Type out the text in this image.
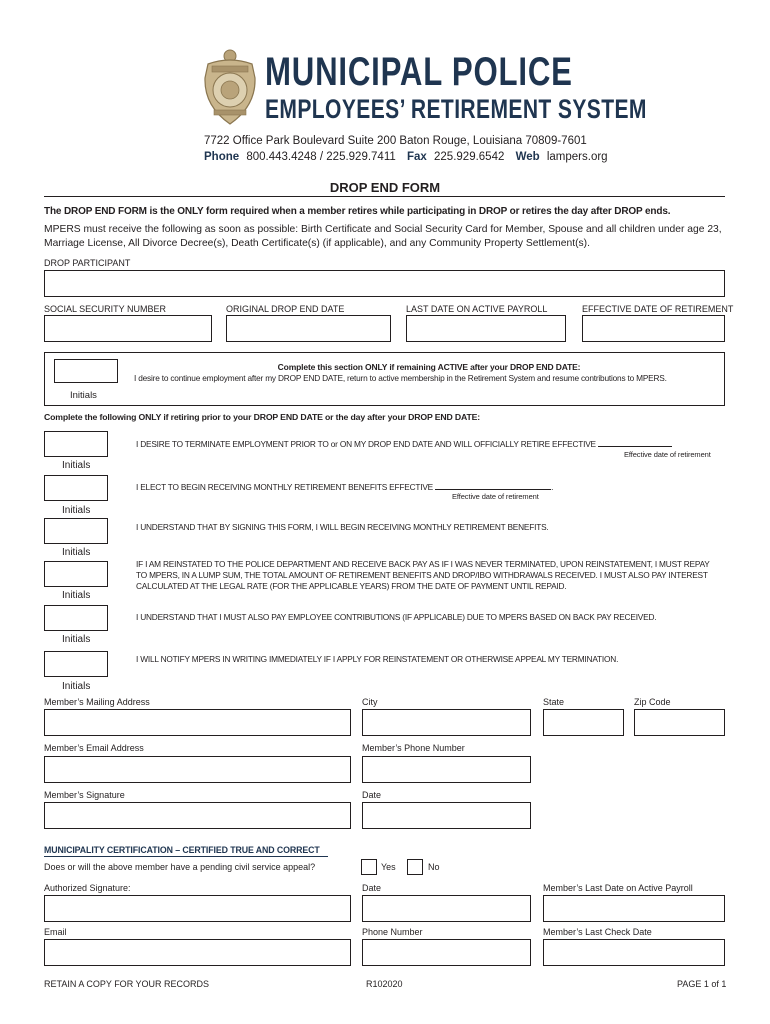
MUNICIPAL POLICE
EMPLOYEES’ RETIREMENT SYSTEM
7722 Office Park Boulevard Suite 200 Baton Rouge, Louisiana 70809-7601
Phone 800.443.4248 / 225.929.7411 Fax 225.929.6542 Web lampers.org
DROP END FORM
The DROP END FORM is the ONLY form required when a member retires while participating in DROP or retires the day after DROP ends.
MPERS must receive the following as soon as possible: Birth Certificate and Social Security Card for Member, Spouse and all children under age 23, Marriage License, All Divorce Decree(s), Death Certificate(s) (if applicable), and any Community Property Settlement(s).
DROP PARTICIPANT
SOCIAL SECURITY NUMBER	ORIGINAL DROP END DATE	LAST DATE ON ACTIVE PAYROLL	EFFECTIVE DATE OF RETIREMENT
Initials
Complete this section ONLY if remaining ACTIVE after your DROP END DATE:
I desire to continue employment after my DROP END DATE, return to active membership in the Retirement System and resume contributions to MPERS.
Complete the following ONLY if retiring prior to your DROP END DATE or the day after your DROP END DATE:
Initials
I DESIRE TO TERMINATE EMPLOYMENT PRIOR TO or ON MY DROP END DATE AND WILL OFFICIALLY RETIRE EFFECTIVE
Effective date of retirement
Initials
I ELECT TO BEGIN RECEIVING MONTHLY RETIREMENT BENEFITS EFFECTIVE	.
Effective date of retirement
Initials
I UNDERSTAND THAT BY SIGNING THIS FORM, I WILL BEGIN RECEIVING MONTHLY RETIREMENT BENEFITS.
Initials
IF I AM REINSTATED TO THE POLICE DEPARTMENT AND RECEIVE BACK PAY AS IF I WAS NEVER TERMINATED, UPON REINSTATEMENT, I MUST REPAY TO MPERS, IN A LUMP SUM, THE TOTAL AMOUNT OF RETIREMENT BENEFITS AND DROP/IBO WITHDRAWALS RECEIVED. I MUST ALSO PAY INTEREST CALCULATED AT THE LEGAL RATE (FOR THE APPLICABLE YEARS) FROM THE DATE OF PAYMENT UNTIL REPAID.
Initials
I UNDERSTAND THAT I MUST ALSO PAY EMPLOYEE CONTRIBUTIONS (IF APPLICABLE) DUE TO MPERS BASED ON BACK PAY RECEIVED.
Initials
I WILL NOTIFY MPERS IN WRITING IMMEDIATELY IF I APPLY FOR REINSTATEMENT OR OTHERWISE APPEAL MY TERMINATION.
Member’s Mailing Address	City	State	Zip Code
Member’s Email Address	Member’s Phone Number
Member’s Signature	Date
MUNICIPALITY CERTIFICATION – CERTIFIED TRUE AND CORRECT
Does or will the above member have a pending civil service appeal?	Yes	No
Authorized Signature:	Date	Member’s Last Date on Active Payroll
Email	Phone Number	Member’s Last Check Date
RETAIN A COPY FOR YOUR RECORDS	R102020	PAGE 1 of 1
